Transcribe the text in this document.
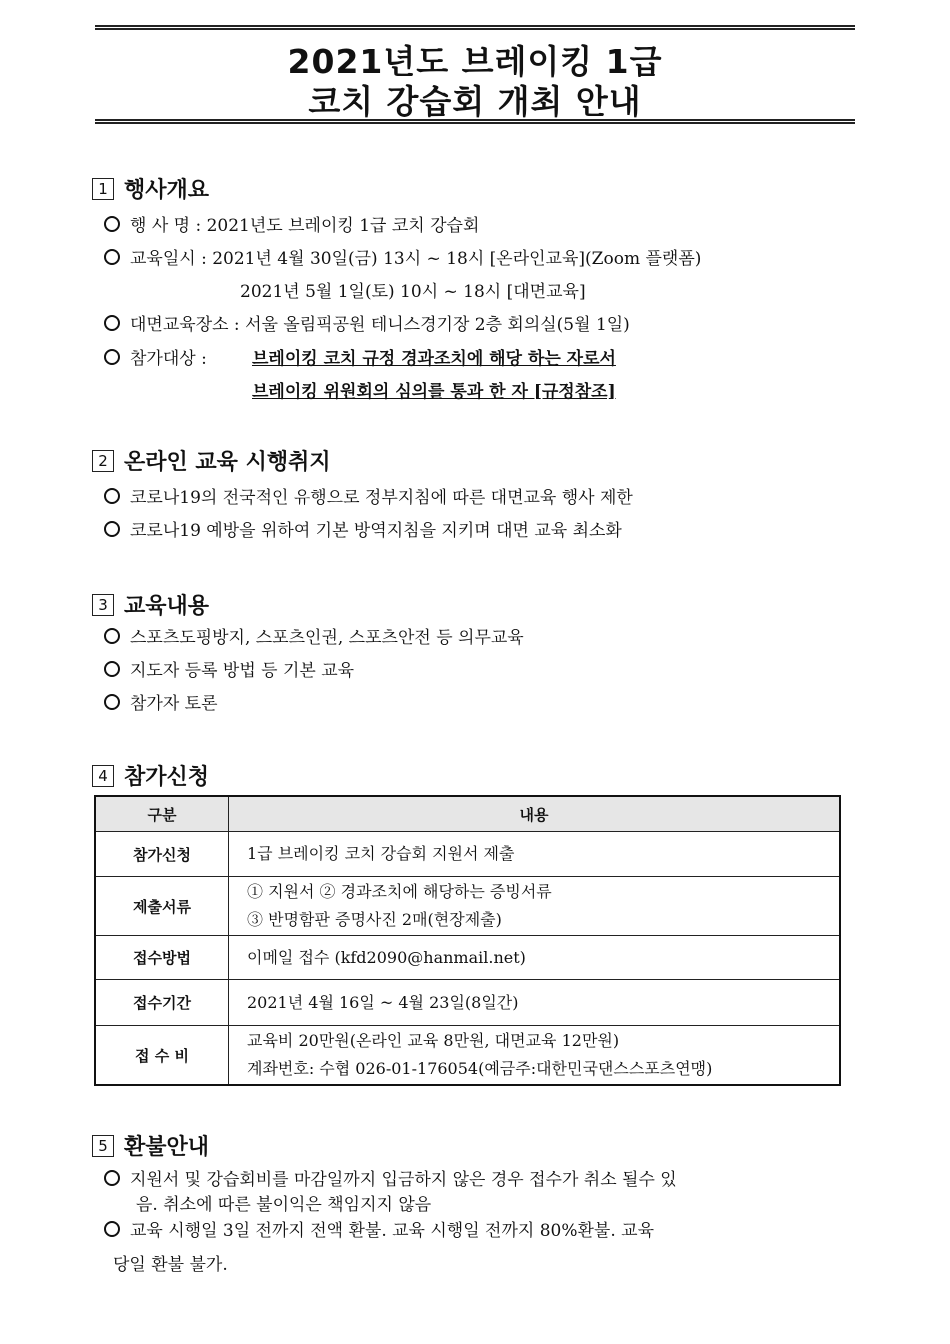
2021년도 브레이킹 1급
코치 강습회 개최 안내
1 행사개요
행 사 명 : 2021년도 브레이킹 1급 코치 강습회
교육일시 : 2021년 4월 30일(금) 13시 ~ 18시 [온라인교육](Zoom 플랫폼)
2021년 5월 1일(토) 10시 ~ 18시 [대면교육]
대면교육장소 : 서울 올림픽공원 테니스경기장 2층 회의실(5월 1일)
참가대상 :	브레이킹 코치 규정 경과조치에 해당 하는 자로서
브레이킹 위원회의 심의를 통과 한 자 [규정참조]
2 온라인 교육 시행취지
코로나19의 전국적인 유행으로 정부지침에 따른 대면교육 행사 제한
코로나19 예방을 위하여 기본 방역지침을 지키며 대면 교육 최소화
3 교육내용
스포츠도핑방지, 스포츠인권, 스포츠안전 등 의무교육
지도자 등록 방법 등 기본 교육
참가자 토론
4 참가신청
구분	내용
참가신청	1급 브레이킹 코치 강습회 지원서 제출

제출서류	① 지원서 ② 경과조치에 해당하는 증빙서류
③ 반명함판 증명사진 2매(현장제출)

접수방법	이메일 접수 (kfd2090@hanmail.net)

접수기간	2021년 4월 16일 ~ 4월 23일(8일간)

접 수 비	교육비 20만원(온라인 교육 8만원, 대면교육 12만원)
계좌번호: 수협 026-01-176054(예금주:대한민국댄스스포츠연맹)
5 환불안내
지원서 및 강습회비를 마감일까지 입금하지 않은 경우 접수가 취소 될수 있
음. 취소에 따른 불이익은 책임지지 않음
교육 시행일 3일 전까지 전액 환불. 교육 시행일 전까지 80%환불. 교육
당일 환불 불가.
